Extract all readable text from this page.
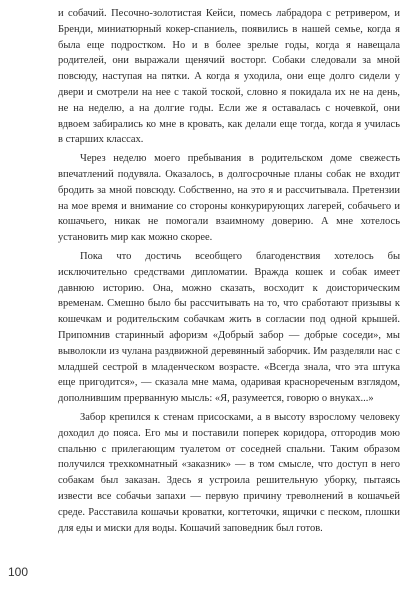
и собачий. Песочно-золотистая Кейси, помесь лабрадора с ретривером, и Бренди, миниатюрный кокер-спаниель, появились в нашей семье, когда я была еще подростком. Но и в более зрелые годы, когда я навещала родителей, они выражали щенячий восторг. Собаки следовали за мной повсюду, наступая на пятки. А когда я уходила, они еще долго сидели у двери и смотрели на нее с такой тоской, словно я покидала их не на день, не на неделю, а на долгие годы. Если же я оставалась с ночевкой, они вдвоем забирались ко мне в кровать, как делали еще тогда, когда я училась в старших классах.

Через неделю моего пребывания в родительском доме свежесть впечатлений подувяла. Оказалось, в долгосрочные планы собак не входит бродить за мной повсюду. Собственно, на это я и рассчитывала. Претензии на мое время и внимание со стороны конкурирующих лагерей, собачьего и кошачьего, никак не помогали взаимному доверию. А мне хотелось установить мир как можно скорее.

Пока что достичь всеобщего благоденствия хотелось бы исключительно средствами дипломатии. Вражда кошек и собак имеет давнюю историю. Она, можно сказать, восходит к доисторическим временам. Смешно было бы рассчитывать на то, что сработают призывы к кошечкам и родительским собачкам жить в согласии под одной крышей. Припомнив старинный афоризм «Добрый забор — добрые соседи», мы выволокли из чулана раздвижной деревянный заборчик. Им разделяли нас с младшей сестрой в младенческом возрасте. «Всегда знала, что эта штука еще пригодится», — сказала мне мама, одаривая краснореченым взглядом, дополнившим прерванную мысль: «Я, разумеется, говорю о внуках...»

Забор крепился к стенам присосками, а в высоту взрослому человеку доходил до пояса. Его мы и поставили поперек коридора, отгородив мою спальню с прилегающим туалетом от соседней спальни. Таким образом получился трехкомнатный «заказник» — в том смысле, что доступ в него собакам был заказан. Здесь я устроила решительную уборку, пытаясь извести все собачьи запахи — первую причину треволнений в кошачьей среде. Расставила кошачьи кроватки, когтеточки, ящички с песком, плошки для еды и миски для воды. Кошачий заповедник был готов.

100
